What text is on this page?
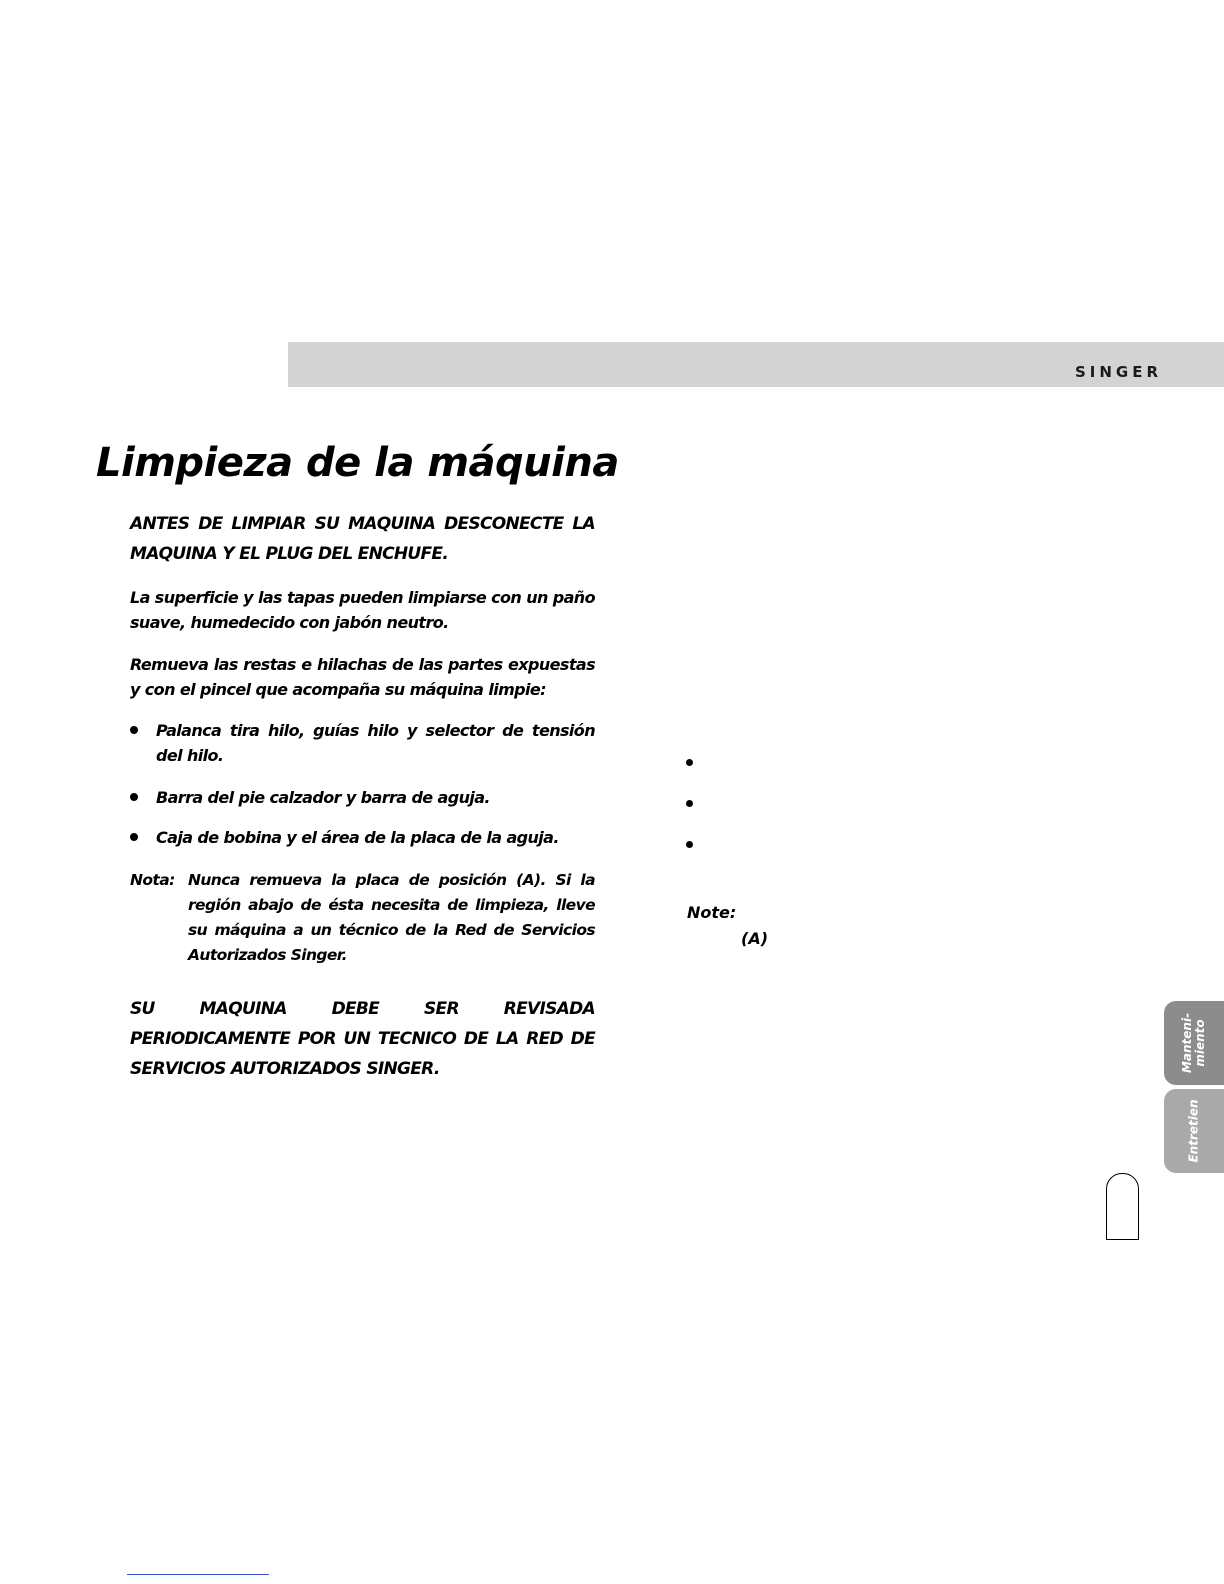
SINGER
Limpieza de la máquina
ANTES DE LIMPIAR SU MAQUINA DESCONECTE LA MAQUINA Y EL PLUG DEL ENCHUFE.
La superficie y las tapas pueden limpiarse con un paño suave, humedecido con jabón neutro.
Remueva las restas e hilachas de las partes expuestas y con el pincel que acompaña su máquina limpie:
Palanca tira hilo, guías hilo y selector de tensión del hilo.
Barra del pie calzador y barra de aguja.
Caja de bobina y el área de la placa de la aguja.
Nota: Nunca remueva la placa de posición (A). Si la región abajo de ésta necesita de limpieza, lleve su máquina a un técnico de la Red de Servicios Autorizados Singer.
SU MAQUINA DEBE SER REVISADA PERIODICAMENTE POR UN TECNICO DE LA RED DE SERVICIOS AUTORIZADOS SINGER.
Note:
(A)
Manteni-
miento
Entretien
